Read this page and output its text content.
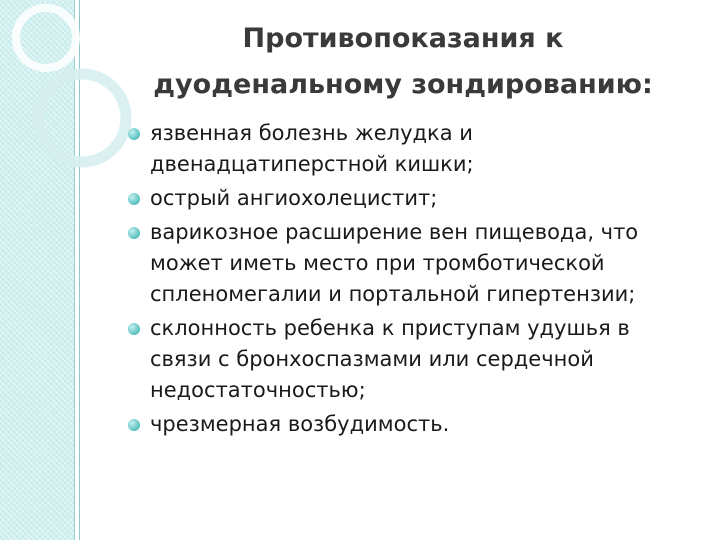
Противопоказания к
дуоденальному зондированию:
язвенная болезнь желудка и двенадцатиперстной кишки;
острый ангиохолецистит;
варикозное расширение вен пищевода, что может иметь место при тромботической спленомегалии и портальной гипертензии;
склонность ребенка к приступам удушья в связи с бронхоспазмами или сердечной недостаточностью;
чрезмерная возбудимость.
